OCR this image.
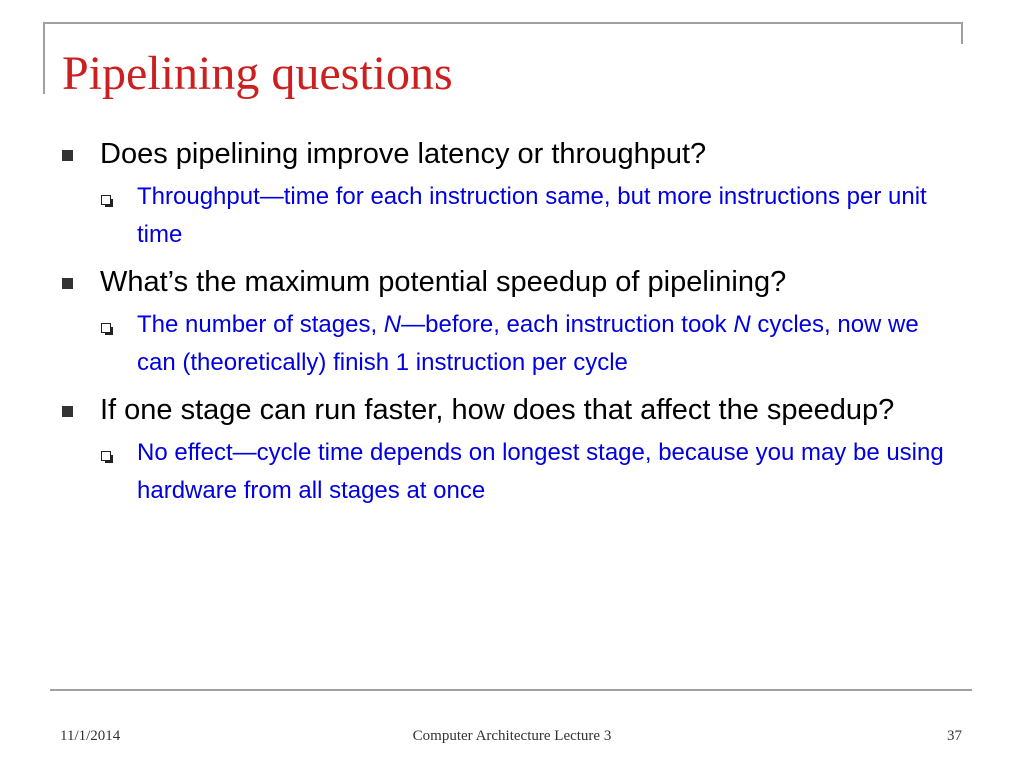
Pipelining questions
Does pipelining improve latency or throughput?
Throughput—time for each instruction same, but more instructions per unit time
What’s the maximum potential speedup of pipelining?
The number of stages, N—before, each instruction took N cycles, now we can (theoretically) finish 1 instruction per cycle
If one stage can run faster, how does that affect the speedup?
No effect—cycle time depends on longest stage, because you may be using hardware from all stages at once
11/1/2014	Computer Architecture Lecture 3	37
